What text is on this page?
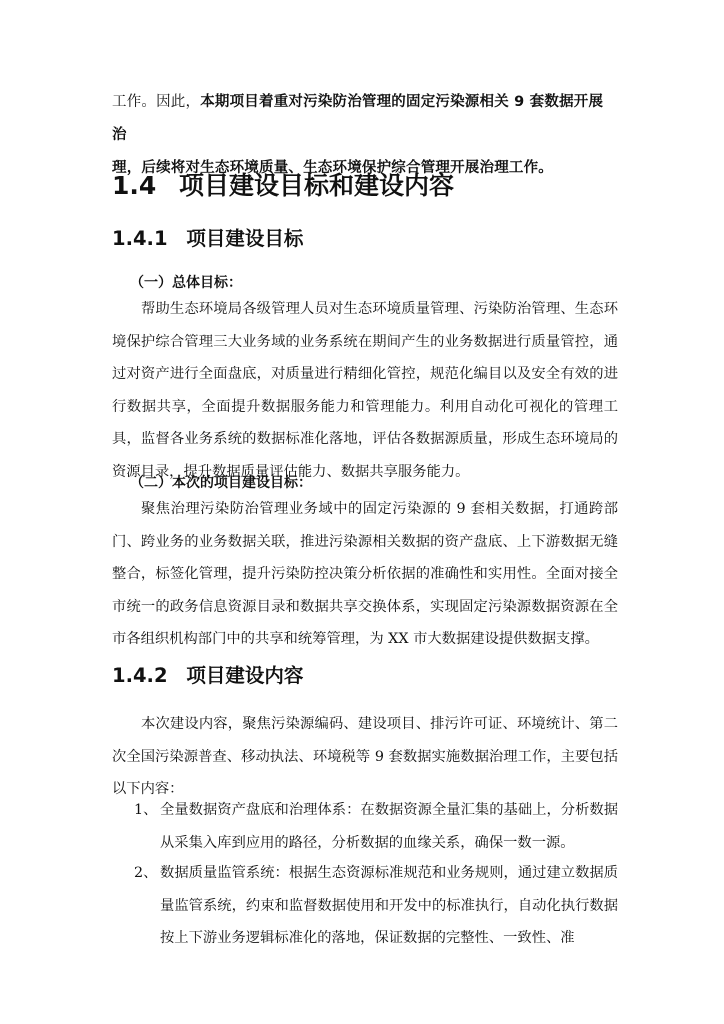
工作。因此，本期项目着重对污染防治管理的固定污染源相关 9 套数据开展治
理，后续将对生态环境质量、生态环境保护综合管理开展治理工作。
1.4 项目建设目标和建设内容
1.4.1 项目建设目标
（一）总体目标：
帮助生态环境局各级管理人员对生态环境质量管理、污染防治管理、生态环境保护综合管理三大业务域的业务系统在期间产生的业务数据进行质量管控，通过对资产进行全面盘底，对质量进行精细化管控，规范化编目以及安全有效的进行数据共享，全面提升数据服务能力和管理能力。利用自动化可视化的管理工具，监督各业务系统的数据标准化落地，评估各数据源质量，形成生态环境局的资源目录，提升数据质量评估能力、数据共享服务能力。
（二）本次的项目建设目标：
聚焦治理污染防治管理业务域中的固定污染源的 9 套相关数据，打通跨部门、跨业务的业务数据关联，推进污染源相关数据的资产盘底、上下游数据无缝整合，标签化管理，提升污染防控决策分析依据的准确性和实用性。全面对接全市统一的政务信息资源目录和数据共享交换体系，实现固定污染源数据资源在全市各组织机构部门中的共享和统筹管理，为 XX 市大数据建设提供数据支撑。
1.4.2 项目建设内容
本次建设内容，聚焦污染源编码、建设项目、排污许可证、环境统计、第二次全国污染源普查、移动执法、环境税等 9 套数据实施数据治理工作，主要包括以下内容：
1、 全量数据资产盘底和治理体系：在数据资源全量汇集的基础上，分析数据从采集入库到应用的路径，分析数据的血缘关系，确保一数一源。
2、 数据质量监管系统：根据生态资源标准规范和业务规则，通过建立数据质量监管系统，约束和监督数据使用和开发中的标准执行，自动化执行数据按上下游业务逻辑标准化的落地，保证数据的完整性、一致性、准
